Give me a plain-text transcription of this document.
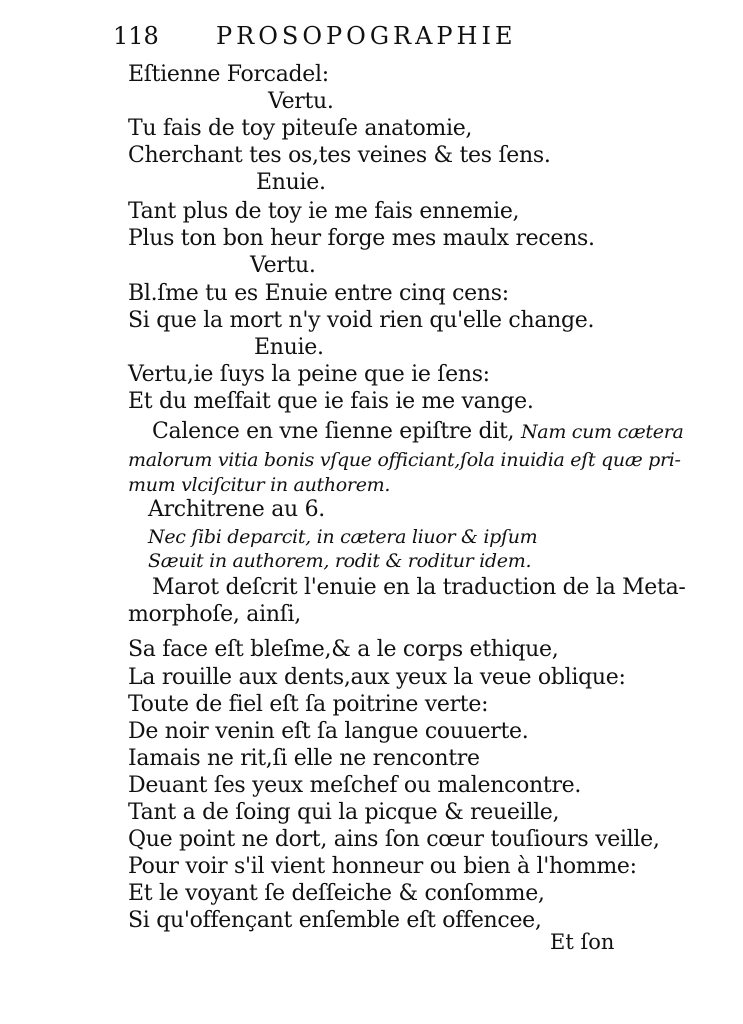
118 PROSOPOGRAPHIE
Eſtienne Forcadel:
Vertu.
Tu fais de toy piteuſe anatomie,
Cherchant tes os,tes veines & tes ſens.
Enuie.
Tant plus de toy ie me fais ennemie,
Plus ton bon heur forge mes maulx recens.
Vertu.
Bl.ſme tu es Enuie entre cinq cens:
Si que la mort n'y void rien qu'elle change.
Enuie.
Vertu,ie ſuys la peine que ie ſens:
Et du meſfait que ie fais ie me vange.
Calence en vne ſienne epiſtre dit, Nam cum cætera
malorum vitia bonis vſque officiant,ſola inuidia eſt quæ pri-
mum vlciſcitur in authorem.
Architrene au 6.
Nec ſibi deparcit, in cætera liuor & ipſum
Sæuit in authorem, rodit & roditur idem.
Marot deſcrit l'enuie en la traduction de la Meta-
morphoſe, ainſi,
Sa face eſt bleſme,& a le corps ethique,
La rouille aux dents,aux yeux la veue oblique:
Toute de fiel eſt ſa poitrine verte:
De noir venin eſt ſa langue couuerte.
Iamais ne rit,ſi elle ne rencontre
Deuant ſes yeux meſchef ou malencontre.
Tant a de ſoing qui la picque & reueille,
Que point ne dort, ains ſon cœur touſiours veille,
Pour voir s'il vient honneur ou bien à l'homme:
Et le voyant ſe deſſeiche & conſomme,
Si qu'offençant enſemble eſt offencee,
Et ſon
